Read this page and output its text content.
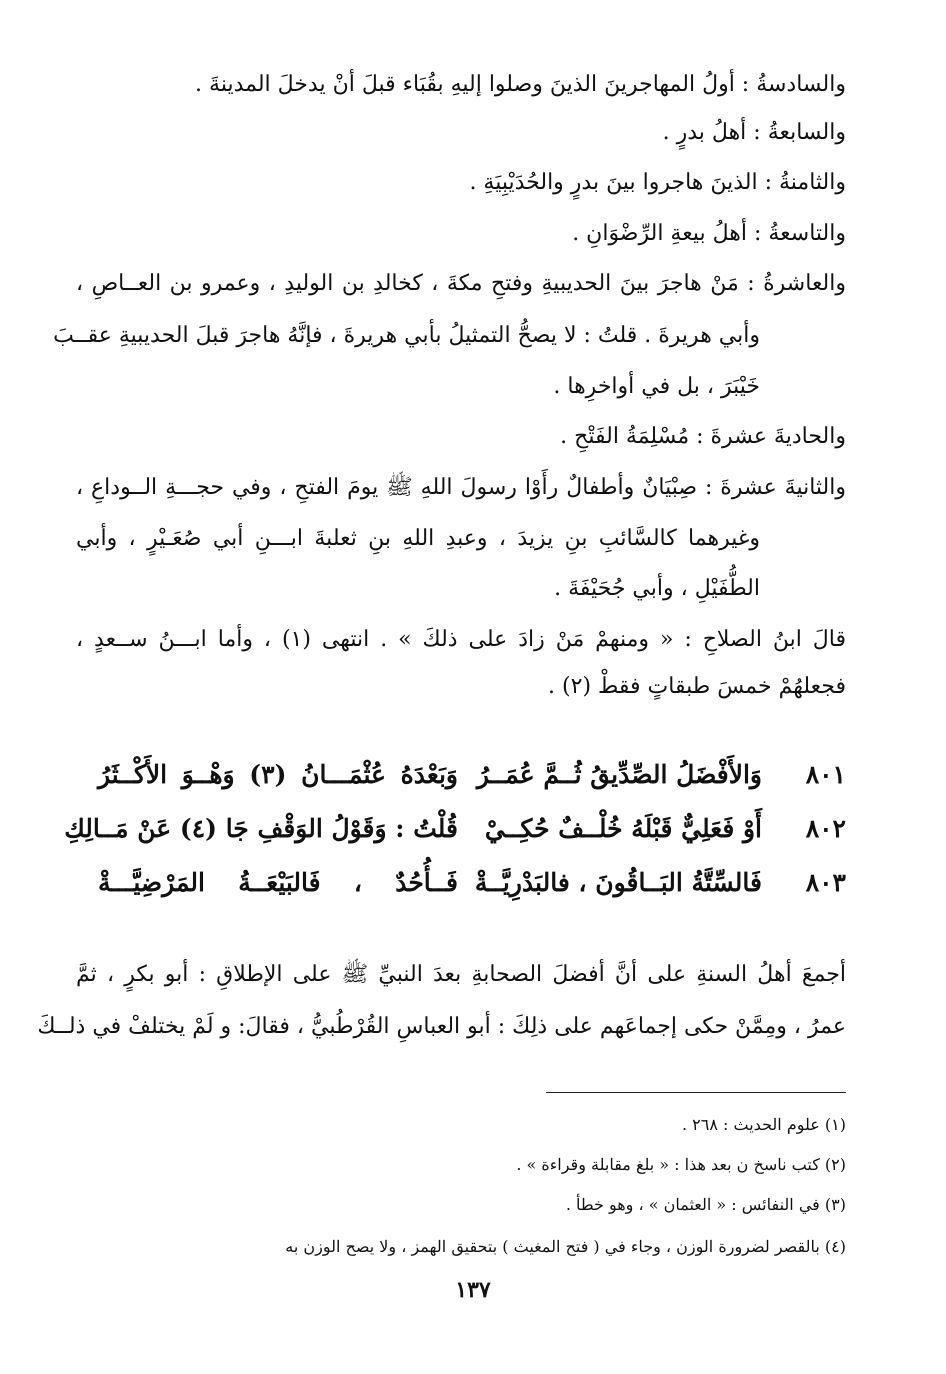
والسادسةُ : أولُ المهاجرينَ الذينَ وصلوا إليهِ بقُبَاء قبلَ أنْ يدخلَ المدينةَ .
والسابعةُ : أهلُ بدرٍ .
والثامنةُ : الذينَ هاجروا بينَ بدرٍ والحُدَيْبِيَةِ .
والتاسعةُ : أهلُ بيعةِ الرِّضْوَانِ .
والعاشرةُ : مَنْ هاجرَ بينَ الحديبيةِ وفتحِ مكةَ ، كخالدِ بن الوليدِ ، وعمرو بن العــاصِ ،
وأبي هريرةَ . قلتُ : لا يصحُّ التمثيلُ بأبي هريرةَ ، فإنَّهُ هاجرَ قبلَ الحديبيةِ عقــبَ
خَيْبَرَ ، بل في أواخرِها .
والحاديةَ عشرةَ : مُسْلِمَةُ الفَتْحِ .
والثانيةَ عشرةَ : صِبْيَانٌ وأطفالٌ رأَوْا رسولَ اللهِ ﷺ يومَ الفتحِ ، وفي حجـــةِ الــوداعِ ،
وغيرهما كالسَّائبِ بنِ يزيدَ ، وعبدِ اللهِ بنِ ثعلبةَ ابـــنِ أبي صُعَـيْرٍ ، وأبي
الطُّفَيْلِ ، وأبي جُحَيْفَةَ .
قالَ ابنُ الصلاحِ : « ومنهمْ مَنْ زادَ على ذلكَ » . انتهى (١) ، وأما ابـــنُ ســعدٍ ،
فجعلهُمْ خمسَ طبقاتٍ فقطْ (٢) .
٨٠١
وَالأَفْضَلُ الصِّدِّيقُ ثُــمَّ عُمَــرُ
وَبَعْدَهُ عُثْمَـــانُ (٣) وَهْــوَ الأَكْــثَرُ
٨٠٢
أَوْ فَعَلِيٌّ قَبْلَهُ خُلْــفٌ حُكِــيْ
قُلْتُ : وَقَوْلُ الوَقْفِ جَا (٤) عَنْ مَــالِكِ
٨٠٣
فَالسِّتَّةُ البَــاقُونَ ، فالبَدْرِيَّــةْ
فَــأُحُدٌ ، فَالبَيْعَــةُ المَرْضِيَّـــةْ
أجمعَ أهلُ السنةِ على أنَّ أفضلَ الصحابةِ بعدَ النبيِّ ﷺ على الإطلاقِ : أبو بكرٍ ، ثمَّ
عمرُ ، ومِمَّنْ حكى إجماعَهم على ذلِكَ : أبو العباسِ القُرْطُبيُّ ، فقالَ: و لَمْ يختلفْ في ذلــكَ
(١) علوم الحديث : ٢٦٨ .
(٢) كتب ناسخ ن بعد هذا : « بلغ مقابلة وقراءة » .
(٣) في النفائس : « العثمان » ، وهو خطأ .
(٤) بالقصر لضرورة الوزن ، وجاء في ( فتح المغيث ) بتحقيق الهمز ، ولا يصح الوزن به
١٣٧
